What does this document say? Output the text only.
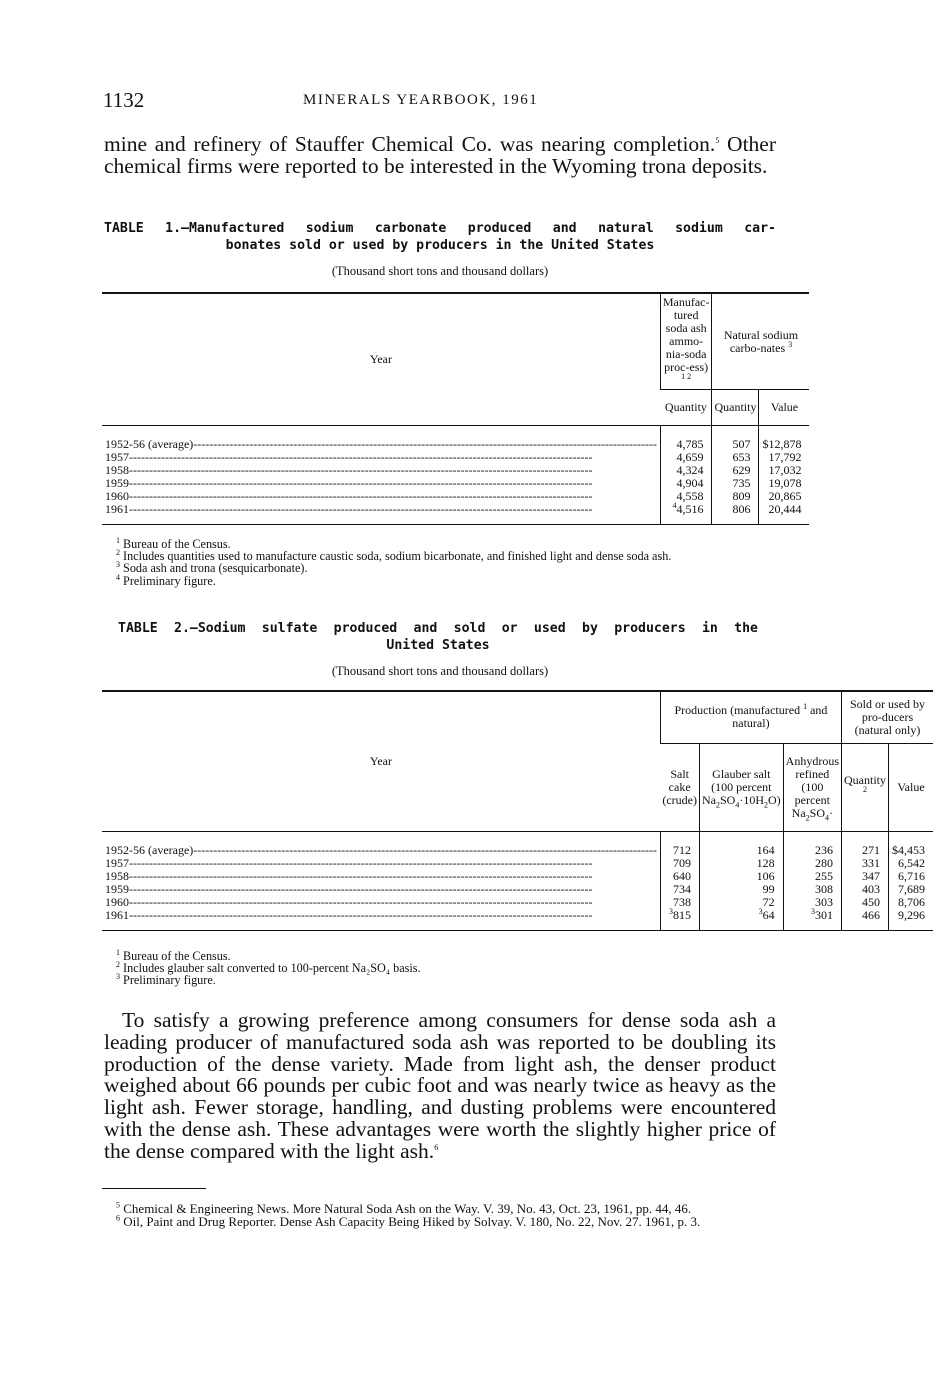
1132	MINERALS YEARBOOK, 1961
mine and refinery of Stauffer Chemical Co. was nearing completion.$^5$ Other chemical firms were reported to be interested in the Wyoming trona deposits.
TABLE 1.—Manufactured sodium carbonate produced and natural sodium car-
bonates sold or used by producers in the United States
(Thousand short tons and thousand dollars)
Year	Manufac-tured soda ash ammo-nia-soda proc-ess) $^{1 2}$	Natural sodium carbo-nates $^3$
	Quantity	Quantity	Value

1952-56 (average) -----	4,785	507	$12,878
1957 -----	4,659	653	17,792
1958 -----	4,324	629	17,032
1959 -----	4,904	735	19,078
1960 -----	4,558	809	20,865
1961 -----	$^4$4,516	806	20,444

$^1$ Bureau of the Census.
$^2$ Includes quantities used to manufacture caustic soda, sodium bicarbonate, and finished light and dense soda ash.
$^3$ Soda ash and trona (sesquicarbonate).
$^4$ Preliminary figure.
TABLE 2.—Sodium sulfate produced and sold or used by producers in the
United States
(Thousand short tons and thousand dollars)
Year	Production (manufactured $^1$ and natural)			Sold or used by pro-ducers (natural only)	
	Salt cake (crude)	Glauber salt (100 percent $Na_2SO_4\cdot 10H_2O$)	Anhydrous refined (100 percent $Na_2SO_4\cdot$	Quantity $^2$	Value

1952-56 (average) -----	712	164	236	271	$4,453
1957 -----	709	128	280	331	6,542
1958 -----	640	106	255	347	6,716
1959 -----	734	99	308	403	7,689
1960 -----	738	72	303	450	8,706
1961 -----	$^3$815	$^3$64	$^3$301	466	9,296

$^1$ Bureau of the Census.
$^2$ Includes glauber salt converted to 100-percent Na₂SO₄ basis.
$^3$ Preliminary figure.
To satisfy a growing preference among consumers for dense soda ash a leading producer of manufactured soda ash was reported to be doubling its production of the dense variety. Made from light ash, the denser product weighed about 66 pounds per cubic foot and was nearly twice as heavy as the light ash. Fewer storage, handling, and dusting problems were encountered with the dense ash. These advantages were worth the slightly higher price of the dense compared with the light ash.$^6$
$^5$ Chemical & Engineering News. More Natural Soda Ash on the Way. V. 39, No. 43, Oct. 23, 1961, pp. 44, 46.
$^6$ Oil, Paint and Drug Reporter. Dense Ash Capacity Being Hiked by Solvay. V. 180, No. 22, Nov. 27. 1961, p. 3.
